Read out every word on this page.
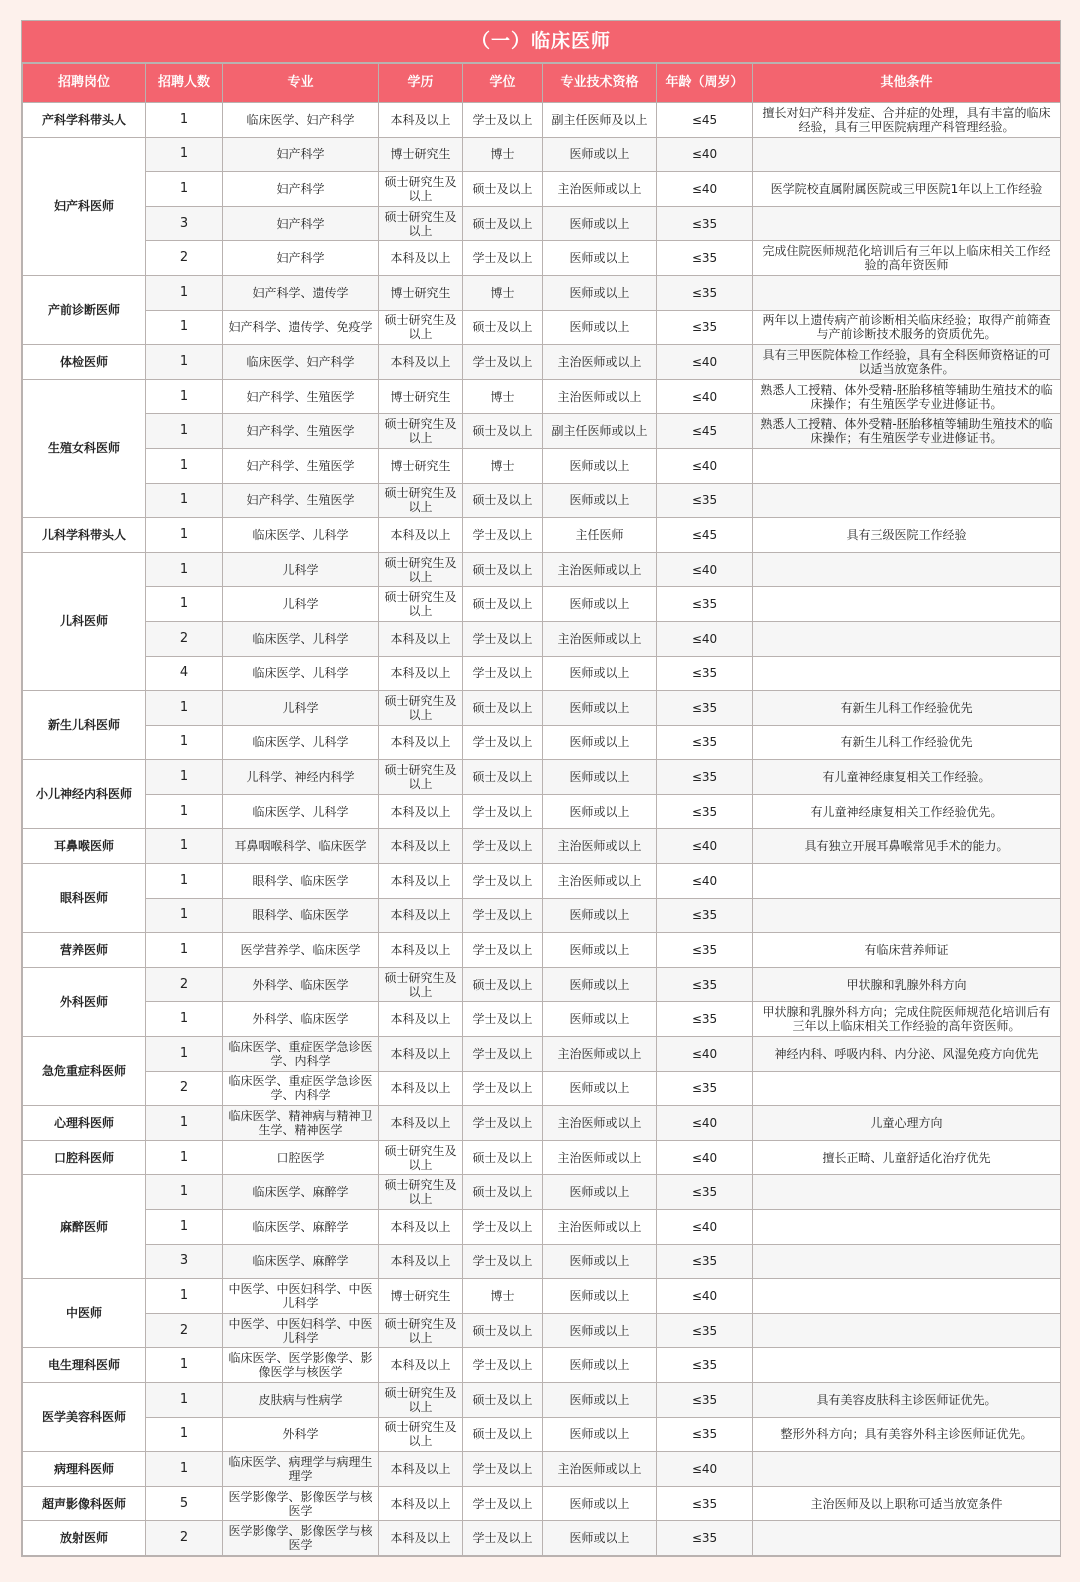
（一）临床医师
招聘岗位	招聘人数	专业	学历	学位	专业技术资格	年龄（周岁）	其他条件
产科学科带头人	1	临床医学、妇产科学	本科及以上	学士及以上	副主任医师及以上	≤45	擅长对妇产科并发症、合并症的处理，具有丰富的临床经验，具有三甲医院病理产科管理经验。
妇产科医师	1	妇产科学	博士研究生	博士	医师或以上	≤40	
	1	妇产科学	硕士研究生及以上	硕士及以上	主治医师或以上	≤40	医学院校直属附属医院或三甲医院1年以上工作经验
	3	妇产科学	硕士研究生及以上	硕士及以上	医师或以上	≤35	
	2	妇产科学	本科及以上	学士及以上	医师或以上	≤35	完成住院医师规范化培训后有三年以上临床相关工作经验的高年资医师
产前诊断医师	1	妇产科学、遗传学	博士研究生	博士	医师或以上	≤35	
	1	妇产科学、遗传学、免疫学	硕士研究生及以上	硕士及以上	医师或以上	≤35	两年以上遗传病产前诊断相关临床经验；取得产前筛查与产前诊断技术服务的资质优先。
体检医师	1	临床医学、妇产科学	本科及以上	学士及以上	主治医师或以上	≤40	具有三甲医院体检工作经验，具有全科医师资格证的可以适当放宽条件。
生殖女科医师	1	妇产科学、生殖医学	博士研究生	博士	主治医师或以上	≤40	熟悉人工授精、体外受精-胚胎移植等辅助生殖技术的临床操作；有生殖医学专业进修证书。
	1	妇产科学、生殖医学	硕士研究生及以上	硕士及以上	副主任医师或以上	≤45	熟悉人工授精、体外受精-胚胎移植等辅助生殖技术的临床操作；有生殖医学专业进修证书。
	1	妇产科学、生殖医学	博士研究生	博士	医师或以上	≤40	
	1	妇产科学、生殖医学	硕士研究生及以上	硕士及以上	医师或以上	≤35	
儿科学科带头人	1	临床医学、儿科学	本科及以上	学士及以上	主任医师	≤45	具有三级医院工作经验
儿科医师	1	儿科学	硕士研究生及以上	硕士及以上	主治医师或以上	≤40	
	1	儿科学	硕士研究生及以上	硕士及以上	医师或以上	≤35	
	2	临床医学、儿科学	本科及以上	学士及以上	主治医师或以上	≤40	
	4	临床医学、儿科学	本科及以上	学士及以上	医师或以上	≤35	
新生儿科医师	1	儿科学	硕士研究生及以上	硕士及以上	医师或以上	≤35	有新生儿科工作经验优先
	1	临床医学、儿科学	本科及以上	学士及以上	医师或以上	≤35	有新生儿科工作经验优先
小儿神经内科医师	1	儿科学、神经内科学	硕士研究生及以上	硕士及以上	医师或以上	≤35	有儿童神经康复相关工作经验。
	1	临床医学、儿科学	本科及以上	学士及以上	医师或以上	≤35	有儿童神经康复相关工作经验优先。
耳鼻喉医师	1	耳鼻咽喉科学、临床医学	本科及以上	学士及以上	主治医师或以上	≤40	具有独立开展耳鼻喉常见手术的能力。
眼科医师	1	眼科学、临床医学	本科及以上	学士及以上	主治医师或以上	≤40	
	1	眼科学、临床医学	本科及以上	学士及以上	医师或以上	≤35	
营养医师	1	医学营养学、临床医学	本科及以上	学士及以上	医师或以上	≤35	有临床营养师证
外科医师	2	外科学、临床医学	硕士研究生及以上	硕士及以上	医师或以上	≤35	甲状腺和乳腺外科方向
	1	外科学、临床医学	本科及以上	学士及以上	医师或以上	≤35	甲状腺和乳腺外科方向；完成住院医师规范化培训后有三年以上临床相关工作经验的高年资医师。
急危重症科医师	1	临床医学、重症医学急诊医学、内科学	本科及以上	学士及以上	主治医师或以上	≤40	神经内科、呼吸内科、内分泌、风湿免疫方向优先
	2	临床医学、重症医学急诊医学、内科学	本科及以上	学士及以上	医师或以上	≤35	
心理科医师	1	临床医学、精神病与精神卫生学、精神医学	本科及以上	学士及以上	主治医师或以上	≤40	儿童心理方向
口腔科医师	1	口腔医学	硕士研究生及以上	硕士及以上	主治医师或以上	≤40	擅长正畸、儿童舒适化治疗优先
麻醉医师	1	临床医学、麻醉学	硕士研究生及以上	硕士及以上	医师或以上	≤35	
	1	临床医学、麻醉学	本科及以上	学士及以上	主治医师或以上	≤40	
	3	临床医学、麻醉学	本科及以上	学士及以上	医师或以上	≤35	
中医师	1	中医学、中医妇科学、中医儿科学	博士研究生	博士	医师或以上	≤40	
	2	中医学、中医妇科学、中医儿科学	硕士研究生及以上	硕士及以上	医师或以上	≤35	
电生理科医师	1	临床医学、医学影像学、影像医学与核医学	本科及以上	学士及以上	医师或以上	≤35	
医学美容科医师	1	皮肤病与性病学	硕士研究生及以上	硕士及以上	医师或以上	≤35	具有美容皮肤科主诊医师证优先。
	1	外科学	硕士研究生及以上	硕士及以上	医师或以上	≤35	整形外科方向；具有美容外科主诊医师证优先。
病理科医师	1	临床医学、病理学与病理生理学	本科及以上	学士及以上	主治医师或以上	≤40	
超声影像科医师	5	医学影像学、影像医学与核医学	本科及以上	学士及以上	医师或以上	≤35	主治医师及以上职称可适当放宽条件
放射医师	2	医学影像学、影像医学与核医学	本科及以上	学士及以上	医师或以上	≤35	
